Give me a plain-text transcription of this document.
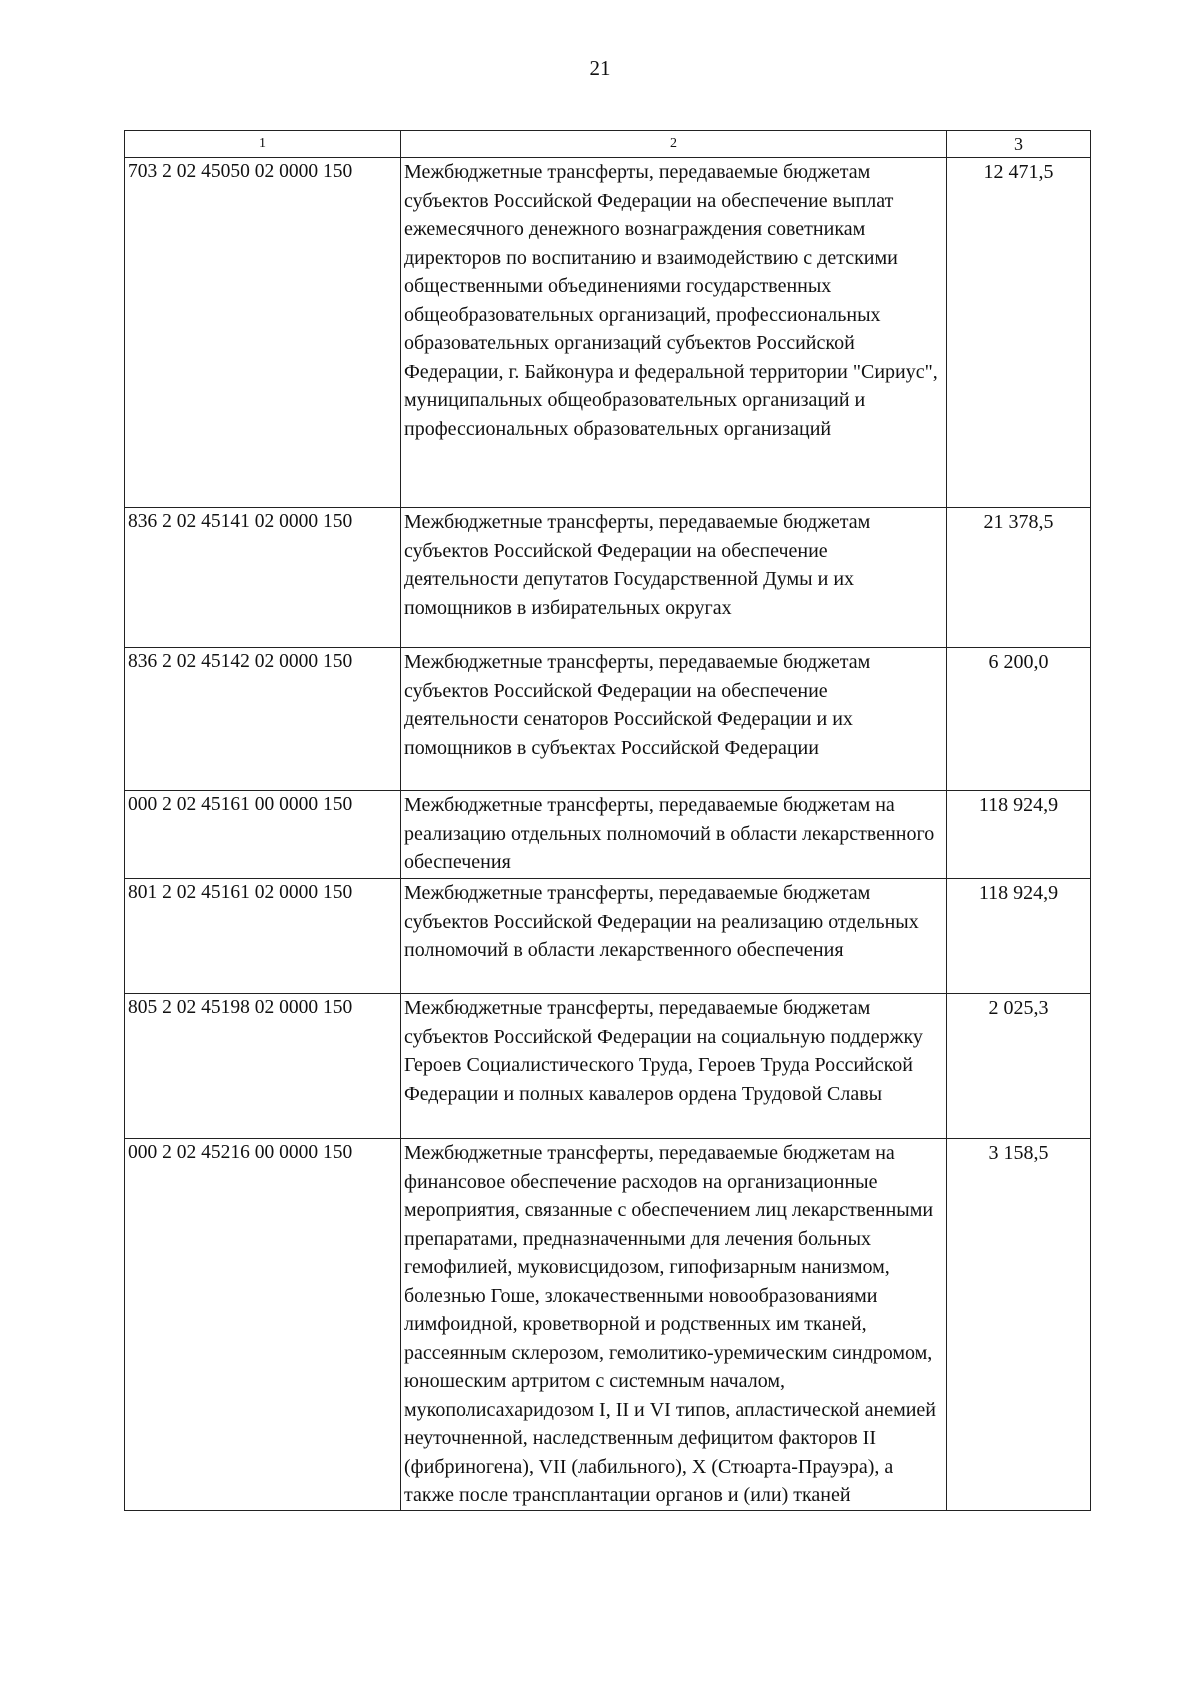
21
1	2	3
703 2 02 45050 02 0000 150	Межбюджетные трансферты, передаваемые бюджетам субъектов Российской Федерации на обеспечение выплат ежемесячного денежного вознаграждения советникам директоров по воспитанию и взаимодействию с детскими общественными объединениями государственных общеобразовательных организаций, профессиональных образовательных организаций субъектов Российской Федерации, г. Байконура и федеральной территории "Сириус", муниципальных общеобразовательных организаций и профессиональных образовательных организаций	12 471,5
836 2 02 45141 02 0000 150	Межбюджетные трансферты, передаваемые бюджетам субъектов Российской Федерации на обеспечение деятельности депутатов Государственной Думы и их помощников в избирательных округах	21 378,5
836 2 02 45142 02 0000 150	Межбюджетные трансферты, передаваемые бюджетам субъектов Российской Федерации на обеспечение деятельности сенаторов Российской Федерации и их помощников в субъектах Российской Федерации	6 200,0
000 2 02 45161 00 0000 150	Межбюджетные трансферты, передаваемые бюджетам на реализацию отдельных полномочий в области лекарственного обеспечения	118 924,9
801 2 02 45161 02 0000 150	Межбюджетные трансферты, передаваемые бюджетам субъектов Российской Федерации на реализацию отдельных полномочий в области лекарственного обеспечения	118 924,9
805 2 02 45198 02 0000 150	Межбюджетные трансферты, передаваемые бюджетам субъектов Российской Федерации на социальную поддержку Героев Социалистического Труда, Героев Труда Российской Федерации и полных кавалеров ордена Трудовой Славы	2 025,3
000 2 02 45216 00 0000 150	Межбюджетные трансферты, передаваемые бюджетам на финансовое обеспечение расходов на организационные мероприятия, связанные с обеспечением лиц лекарственными препаратами, предназначенными для лечения больных гемофилией, муковисцидозом, гипофизарным нанизмом, болезнью Гоше, злокачественными новообразованиями лимфоидной, кроветворной и родственных им тканей, рассеянным склерозом, гемолитико-уремическим синдромом, юношеским артритом с системным началом, мукополисахаридозом I, II и VI типов, апластической анемией неуточненной, наследственным дефицитом факторов II (фибриногена), VII (лабильного), X (Стюарта-Прауэра), а также после трансплантации органов и (или) тканей	3 158,5
